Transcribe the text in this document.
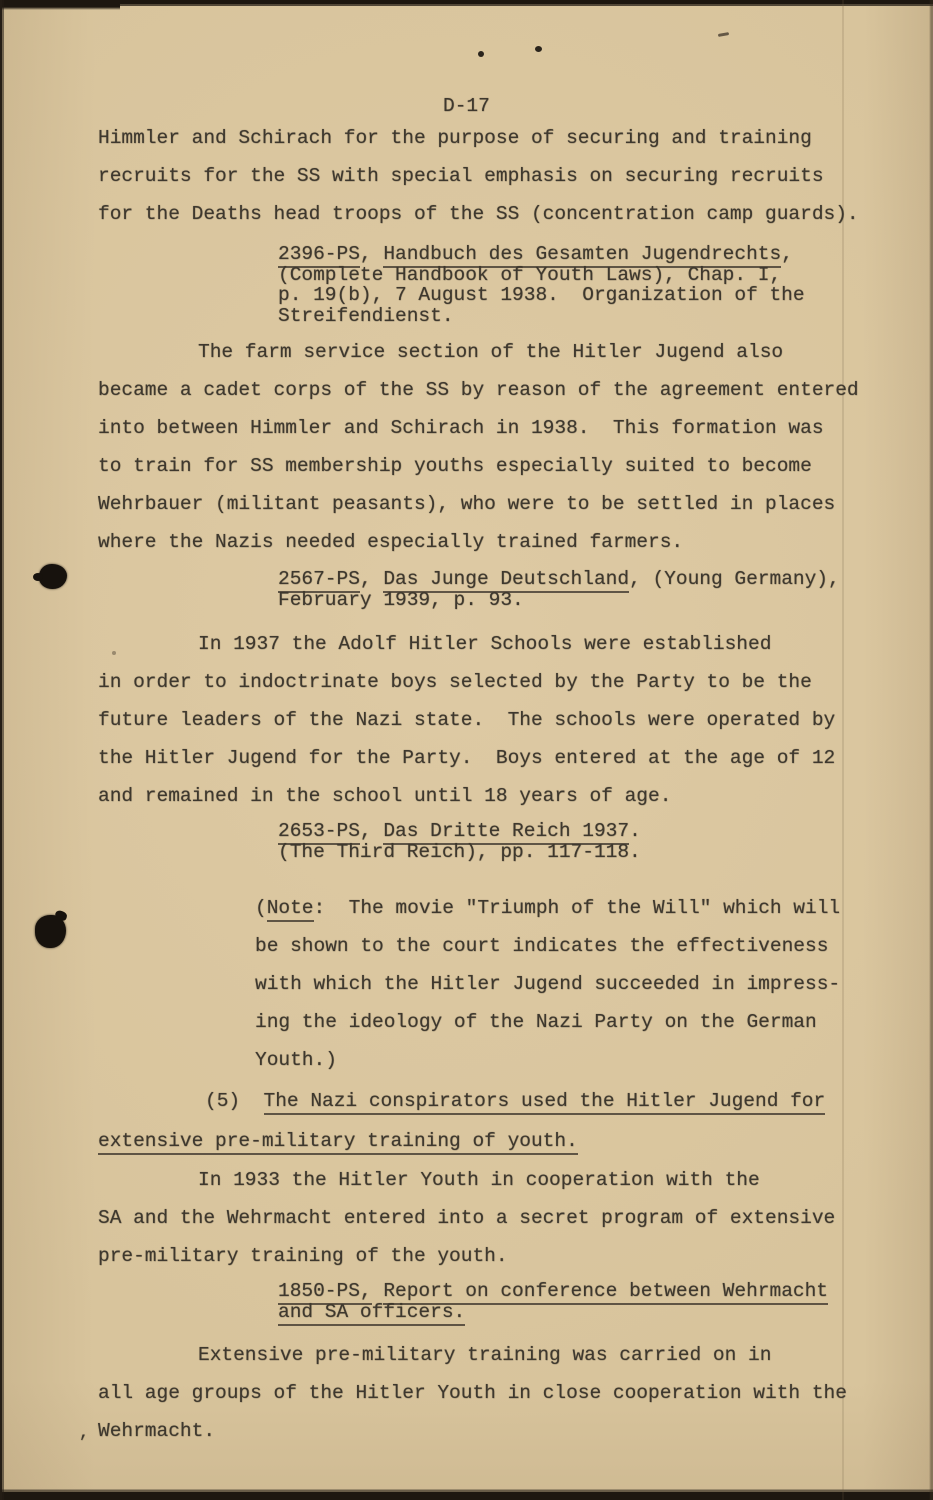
,
D-17
Himmler and Schirach for the purpose of securing and training
recruits for the SS with special emphasis on securing recruits
for the Deaths head troops of the SS (concentration camp guards).
2396-PS, Handbuch des Gesamten Jugendrechts,
(Complete Handbook of Youth Laws), Chap. I,
p. 19(b), 7 August 1938.  Organization of the
Streifendienst.
The farm service section of the Hitler Jugend also
became a cadet corps of the SS by reason of the agreement entered
into between Himmler and Schirach in 1938.  This formation was
to train for SS membership youths especially suited to become
Wehrbauer (militant peasants), who were to be settled in places
where the Nazis needed especially trained farmers.
2567-PS, Das Junge Deutschland, (Young Germany),
February 1939, p. 93.
In 1937 the Adolf Hitler Schools were established
in order to indoctrinate boys selected by the Party to be the
future leaders of the Nazi state.  The schools were operated by
the Hitler Jugend for the Party.  Boys entered at the age of 12
and remained in the school until 18 years of age.
2653-PS, Das Dritte Reich 1937.
(The Third Reich), pp. 117-118.
(Note:  The movie "Triumph of the Will" which will
be shown to the court indicates the effectiveness
with which the Hitler Jugend succeeded in impress-
ing the ideology of the Nazi Party on the German
Youth.)
(5) The Nazi conspirators used the Hitler Jugend for
extensive pre-military training of youth.
In 1933 the Hitler Youth in cooperation with the
SA and the Wehrmacht entered into a secret program of extensive
pre-military training of the youth.
1850-PS, Report on conference between Wehrmacht
and SA officers.
Extensive pre-military training was carried on in
all age groups of the Hitler Youth in close cooperation with the
Wehrmacht.
